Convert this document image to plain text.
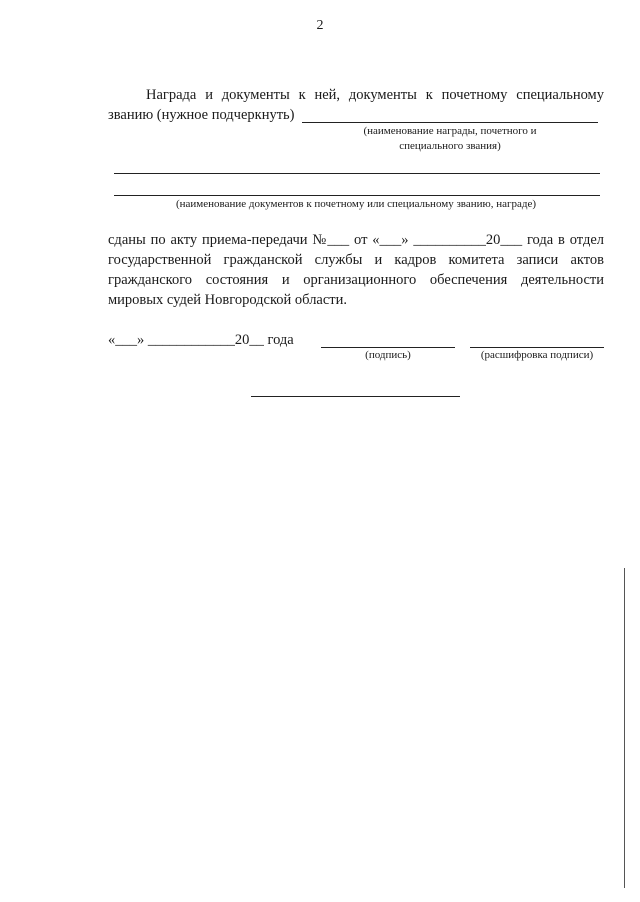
2
Награда и документы к ней, документы к почетному специальному
званию (нужное подчеркнуть)
(наименование награды, почетного и
специального звания)
(наименование документов к почетному или специальному званию, награде)
сданы по акту приема-передачи №___ от «___» __________20___ года в отдел
государственной гражданской службы и кадров комитета записи актов
гражданского состояния и организационного обеспечения деятельности
мировых судей Новгородской области.
«___» ____________20__ года
(подпись)	(расшифровка подписи)
